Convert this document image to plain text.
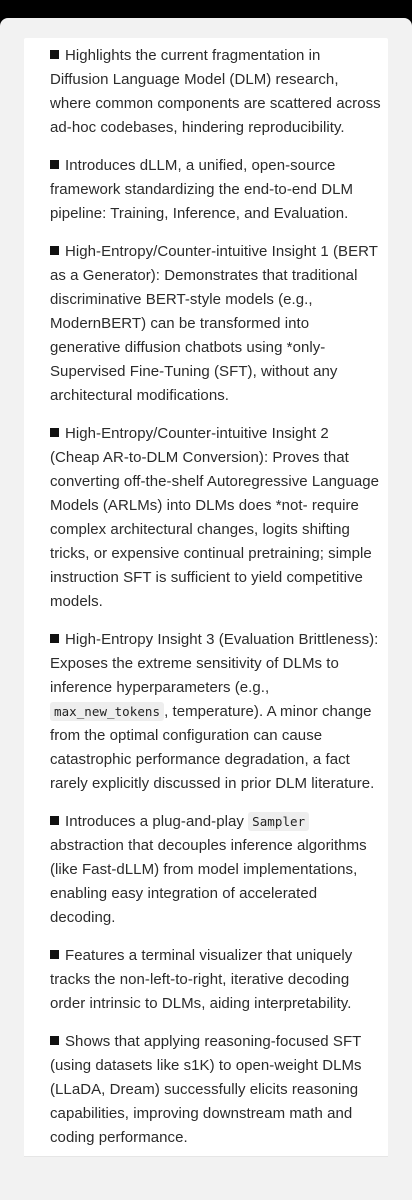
Highlights the current fragmentation in Diffusion Language Model (DLM) research, where common components are scattered across ad-hoc codebases, hindering reproducibility.
Introduces dLLM, a unified, open-source framework standardizing the end-to-end DLM pipeline: Training, Inference, and Evaluation.
High-Entropy/Counter-intuitive Insight 1 (BERT as a Generator): Demonstrates that traditional discriminative BERT-style models (e.g., ModernBERT) can be transformed into generative diffusion chatbots using *only- Supervised Fine-Tuning (SFT), without any architectural modifications.
High-Entropy/Counter-intuitive Insight 2 (Cheap AR-to-DLM Conversion): Proves that converting off-the-shelf Autoregressive Language Models (ARLMs) into DLMs does *not- require complex architectural changes, logits shifting tricks, or expensive continual pretraining; simple instruction SFT is sufficient to yield competitive models.
High-Entropy Insight 3 (Evaluation Brittleness): Exposes the extreme sensitivity of DLMs to inference hyperparameters (e.g., max_new_tokens , temperature). A minor change from the optimal configuration can cause catastrophic performance degradation, a fact rarely explicitly discussed in prior DLM literature.
Introduces a plug-and-play Sampler abstraction that decouples inference algorithms (like Fast-dLLM) from model implementations, enabling easy integration of accelerated decoding.
Features a terminal visualizer that uniquely tracks the non-left-to-right, iterative decoding order intrinsic to DLMs, aiding interpretability.
Shows that applying reasoning-focused SFT (using datasets like s1K) to open-weight DLMs (LLaDA, Dream) successfully elicits reasoning capabilities, improving downstream math and coding performance.
